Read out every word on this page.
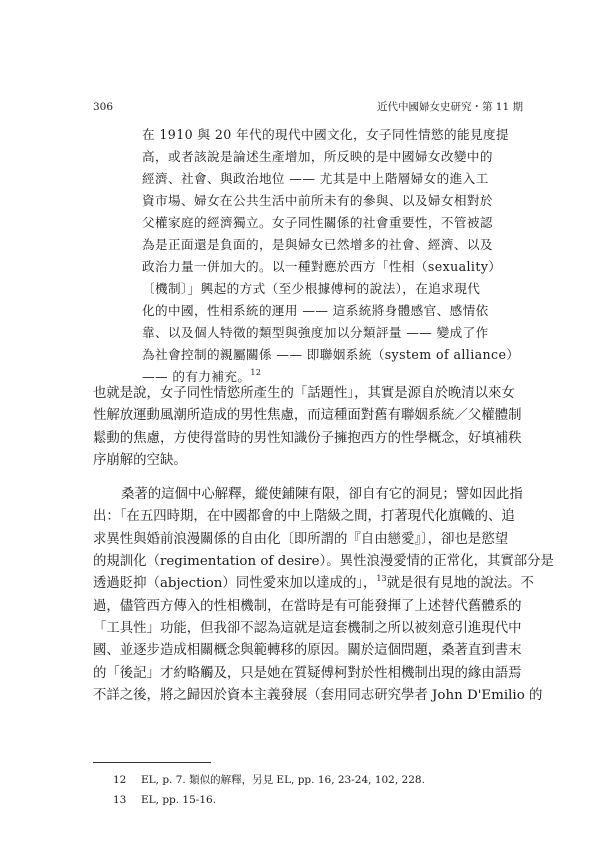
306	近代中國婦女史研究・第 11 期
在 1910 與 20 年代的現代中國文化，女子同性情慾的能見度提
高，或者該說是論述生產增加，所反映的是中國婦女改變中的
經濟、社會、與政治地位 —— 尤其是中上階層婦女的進入工
資市場、婦女在公共生活中前所未有的參與、以及婦女相對於
父權家庭的經濟獨立。女子同性關係的社會重要性，不管被認
為是正面還是負面的，是與婦女已然增多的社會、經濟、以及
政治力量一併加大的。以一種對應於西方「性相（sexuality）
〔機制〕」興起的方式（至少根據傅柯的說法），在追求現代
化的中國，性相系統的運用 —— 這系統將身體感官、感情依
靠、以及個人特徵的類型與強度加以分類評量 —— 變成了作
為社會控制的親屬關係 —— 即聯姻系統（system of alliance）
—— 的有力補充。$^{12}$
也就是說，女子同性情慾所產生的「話題性」，其實是源自於晚清以來女
性解放運動風潮所造成的男性焦慮，而這種面對舊有聯姻系統／父權體制
鬆動的焦慮，方使得當時的男性知識份子擁抱西方的性學概念，好填補秩
序崩解的空缺。
桑著的這個中心解釋，縱使鋪陳有限，卻自有它的洞見；譬如因此指
出：「在五四時期，在中國都會的中上階級之間，打著現代化旗幟的、追
求異性與婚前浪漫關係的自由化〔即所謂的『自由戀愛』〕，卻也是慾望
的規訓化（regimentation of desire）。異性浪漫愛情的正常化，其實部分是
透過貶抑（abjection）同性愛來加以達成的」，$^{13}$就是很有見地的說法。不
過，儘管西方傳入的性相機制，在當時是有可能發揮了上述替代舊體系的
「工具性」功能，但我卻不認為這就是這套機制之所以被刻意引進現代中
國、並逐步造成相關概念與範轉移的原因。關於這個問題，桑著直到書末
的「後記」才約略觸及，只是她在質疑傅柯對於性相機制出現的緣由語焉
不詳之後，將之歸因於資本主義發展（套用同志研究學者 John D'Emilio 的
12 EL, p. 7. 類似的解釋，另見 EL, pp. 16, 23-24, 102, 228.
13 EL, pp. 15-16.
